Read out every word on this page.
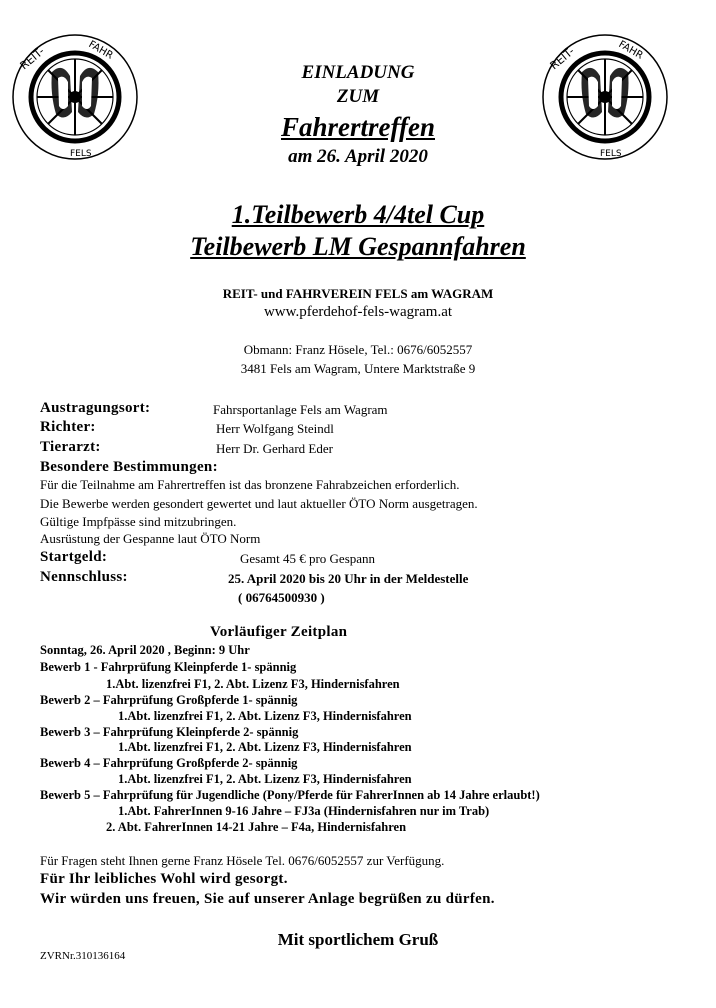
REIT-
FELS
FAHR	REIT-
FELS
FAHR
EINLADUNG
ZUM
Fahrertreffen
am 26. April 2020
1.Teilbewerb 4/4tel Cup
Teilbewerb LM Gespannfahren
REIT- und FAHRVEREIN FELS am WAGRAM
www.pferdehof-fels-wagram.at
Obmann: Franz Hösele, Tel.: 0676/6052557
3481 Fels am Wagram, Untere Marktstraße 9
Austragungsort:	Fahrsportanlage Fels am Wagram
Richter:	Herr Wolfgang Steindl
Tierarzt:	Herr Dr. Gerhard Eder
Besondere Bestimmungen:
Für die Teilnahme am Fahrertreffen ist das bronzene Fahrabzeichen erforderlich.
Die Bewerbe werden gesondert gewertet und laut aktueller ÖTO Norm ausgetragen.
Gültige Impfpässe sind mitzubringen.
Ausrüstung der Gespanne laut ÖTO Norm
Startgeld:	Gesamt 45 € pro Gespann
Nennschluss:	25. April 2020 bis 20 Uhr in der Meldestelle
( 06764500930 )
Vorläufiger Zeitplan
Sonntag, 26. April 2020 , Beginn: 9 Uhr
Bewerb 1 - Fahrprüfung Kleinpferde 1- spännig
1.Abt. lizenzfrei F1, 2. Abt. Lizenz F3, Hindernisfahren
Bewerb 2 – Fahrprüfung Großpferde 1- spännig
1.Abt. lizenzfrei F1, 2. Abt. Lizenz F3, Hindernisfahren
Bewerb 3 – Fahrprüfung Kleinpferde 2- spännig
1.Abt. lizenzfrei F1, 2. Abt. Lizenz F3, Hindernisfahren
Bewerb 4 – Fahrprüfung Großpferde 2- spännig
1.Abt. lizenzfrei F1, 2. Abt. Lizenz F3, Hindernisfahren
Bewerb 5 – Fahrprüfung für Jugendliche (Pony/Pferde für FahrerInnen ab 14 Jahre erlaubt!)
1.Abt. FahrerInnen 9-16 Jahre – FJ3a (Hindernisfahren nur im Trab)
2. Abt. FahrerInnen 14-21 Jahre – F4a, Hindernisfahren
Für Fragen steht Ihnen gerne Franz Hösele Tel. 0676/6052557 zur Verfügung.
Für Ihr leibliches Wohl wird gesorgt.
Wir würden uns freuen, Sie auf unserer Anlage begrüßen zu dürfen.
Mit sportlichem Gruß
ZVRNr.310136164
